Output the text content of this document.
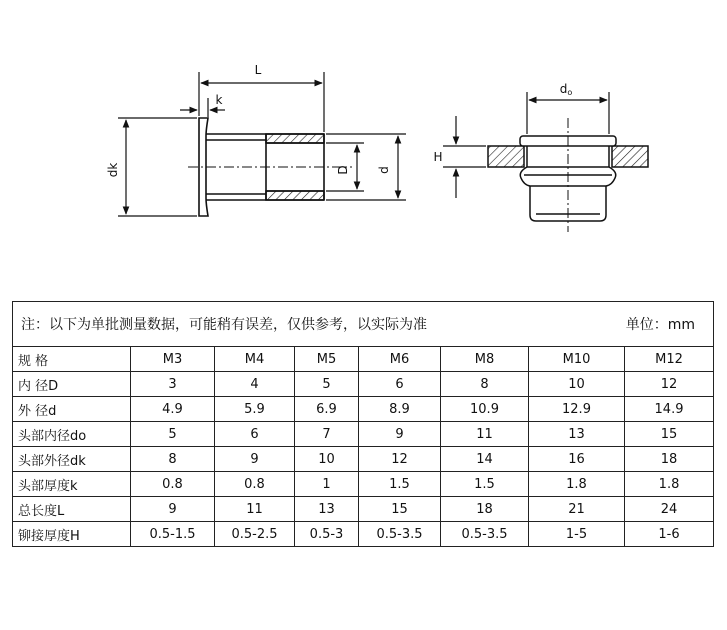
L
k
dk	D d
do
H
注：以下为单批测量数据，可能稍有误差，仅供参考，以实际为准 单位：mm							

规 格	M3	M4	M5	M6	M8	M10	M12
内 径D	3	4	5	6	8	10	12
外 径d	4.9	5.9	6.9	8.9	10.9	12.9	14.9
头部内径do	5	6	7	9	11	13	15
头部外径dk	8	9	10	12	14	16	18
头部厚度k	0.8	0.8	1	1.5	1.5	1.8	1.8
总长度L	9	11	13	15	18	21	24
铆接厚度H	0.5-1.5	0.5-2.5	0.5-3	0.5-3.5	0.5-3.5	1-5	1-6
